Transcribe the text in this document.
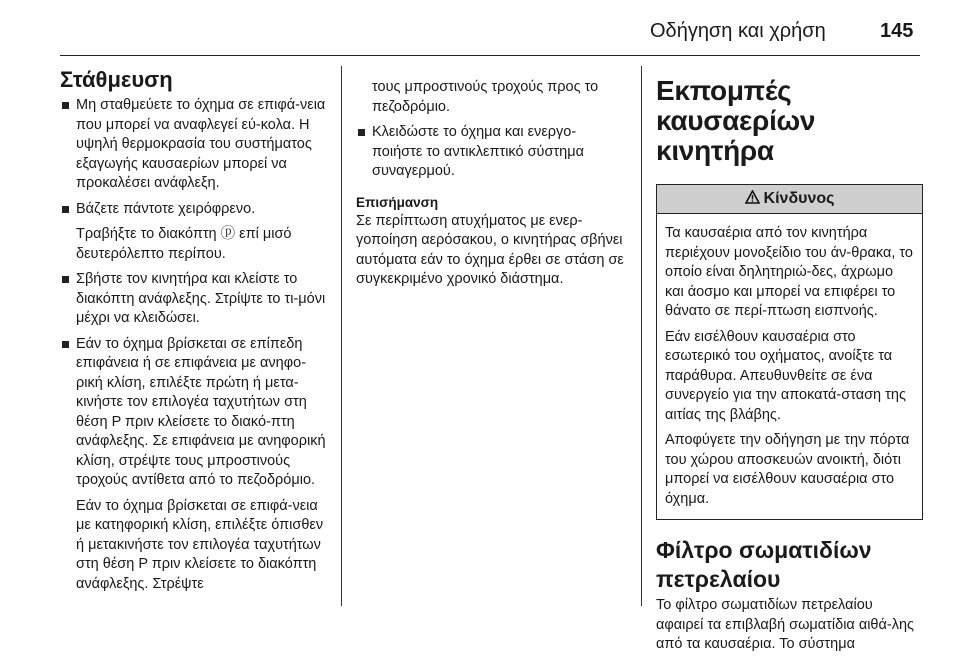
Οδήγηση και χρήση	145
Στάθμευση
Μη σταθμεύετε το όχημα σε επιφά-νεια που μπορεί να αναφλεγεί εύ-κολα. Η υψηλή θερμοκρασία του συστήματος εξαγωγής καυσαερίων μπορεί να προκαλέσει ανάφλεξη.
Βάζετε πάντοτε χειρόφρενο.
Τραβήξτε το διακόπτη ⓟ επί μισό δευτερόλεπτο περίπου.
Σβήστε τον κινητήρα και κλείστε το διακόπτη ανάφλεξης. Στρίψτε το τι-μόνι μέχρι να κλειδώσει.
Εάν το όχημα βρίσκεται σε επίπεδη επιφάνεια ή σε επιφάνεια με ανηφο-ρική κλίση, επιλέξτε πρώτη ή μετα-κινήστε τον επιλογέα ταχυτήτων στη θέση P πριν κλείσετε το διακό-πτη ανάφλεξης. Σε επιφάνεια με ανηφορική κλίση, στρέψτε τους μπροστινούς τροχούς αντίθετα από το πεζοδρόμιο.
Εάν το όχημα βρίσκεται σε επιφά-νεια με κατηφορική κλίση, επιλέξτε όπισθεν ή μετακινήστε τον επιλογέα ταχυτήτων στη θέση P πριν κλείσετε το διακόπτη ανάφλεξης. Στρέψτε
τους μπροστινούς τροχούς προς το πεζοδρόμιο.
Κλειδώστε το όχημα και ενεργο-ποιήστε το αντικλεπτικό σύστημα συναγερμού.
Επισήμανση
Σε περίπτωση ατυχήματος με ενερ-γοποίηση αερόσακου, ο κινητήρας σβήνει αυτόματα εάν το όχημα έρθει σε στάση σε συγκεκριμένο χρονικό διάστημα.
Εκπομπές καυσαερίων κινητήρα
Κίνδυνος
Τα καυσαέρια από τον κινητήρα περιέχουν μονοξείδιο του άν-θρακα, το οποίο είναι δηλητηριώ-δες, άχρωμο και άοσμο και μπορεί να επιφέρει το θάνατο σε περί-πτωση εισπνοής.
Εάν εισέλθουν καυσαέρια στο εσωτερικό του οχήματος, ανοίξτε τα παράθυρα. Απευθυνθείτε σε ένα συνεργείο για την αποκατά-σταση της αιτίας της βλάβης.
Αποφύγετε την οδήγηση με την πόρτα του χώρου αποσκευών ανοικτή, διότι μπορεί να εισέλθουν καυσαέρια στο όχημα.
Φίλτρο σωματιδίων πετρελαίου
Το φίλτρο σωματιδίων πετρελαίου αφαιρεί τα επιβλαβή σωματίδια αιθά-λης από τα καυσαέρια. Το σύστημα
